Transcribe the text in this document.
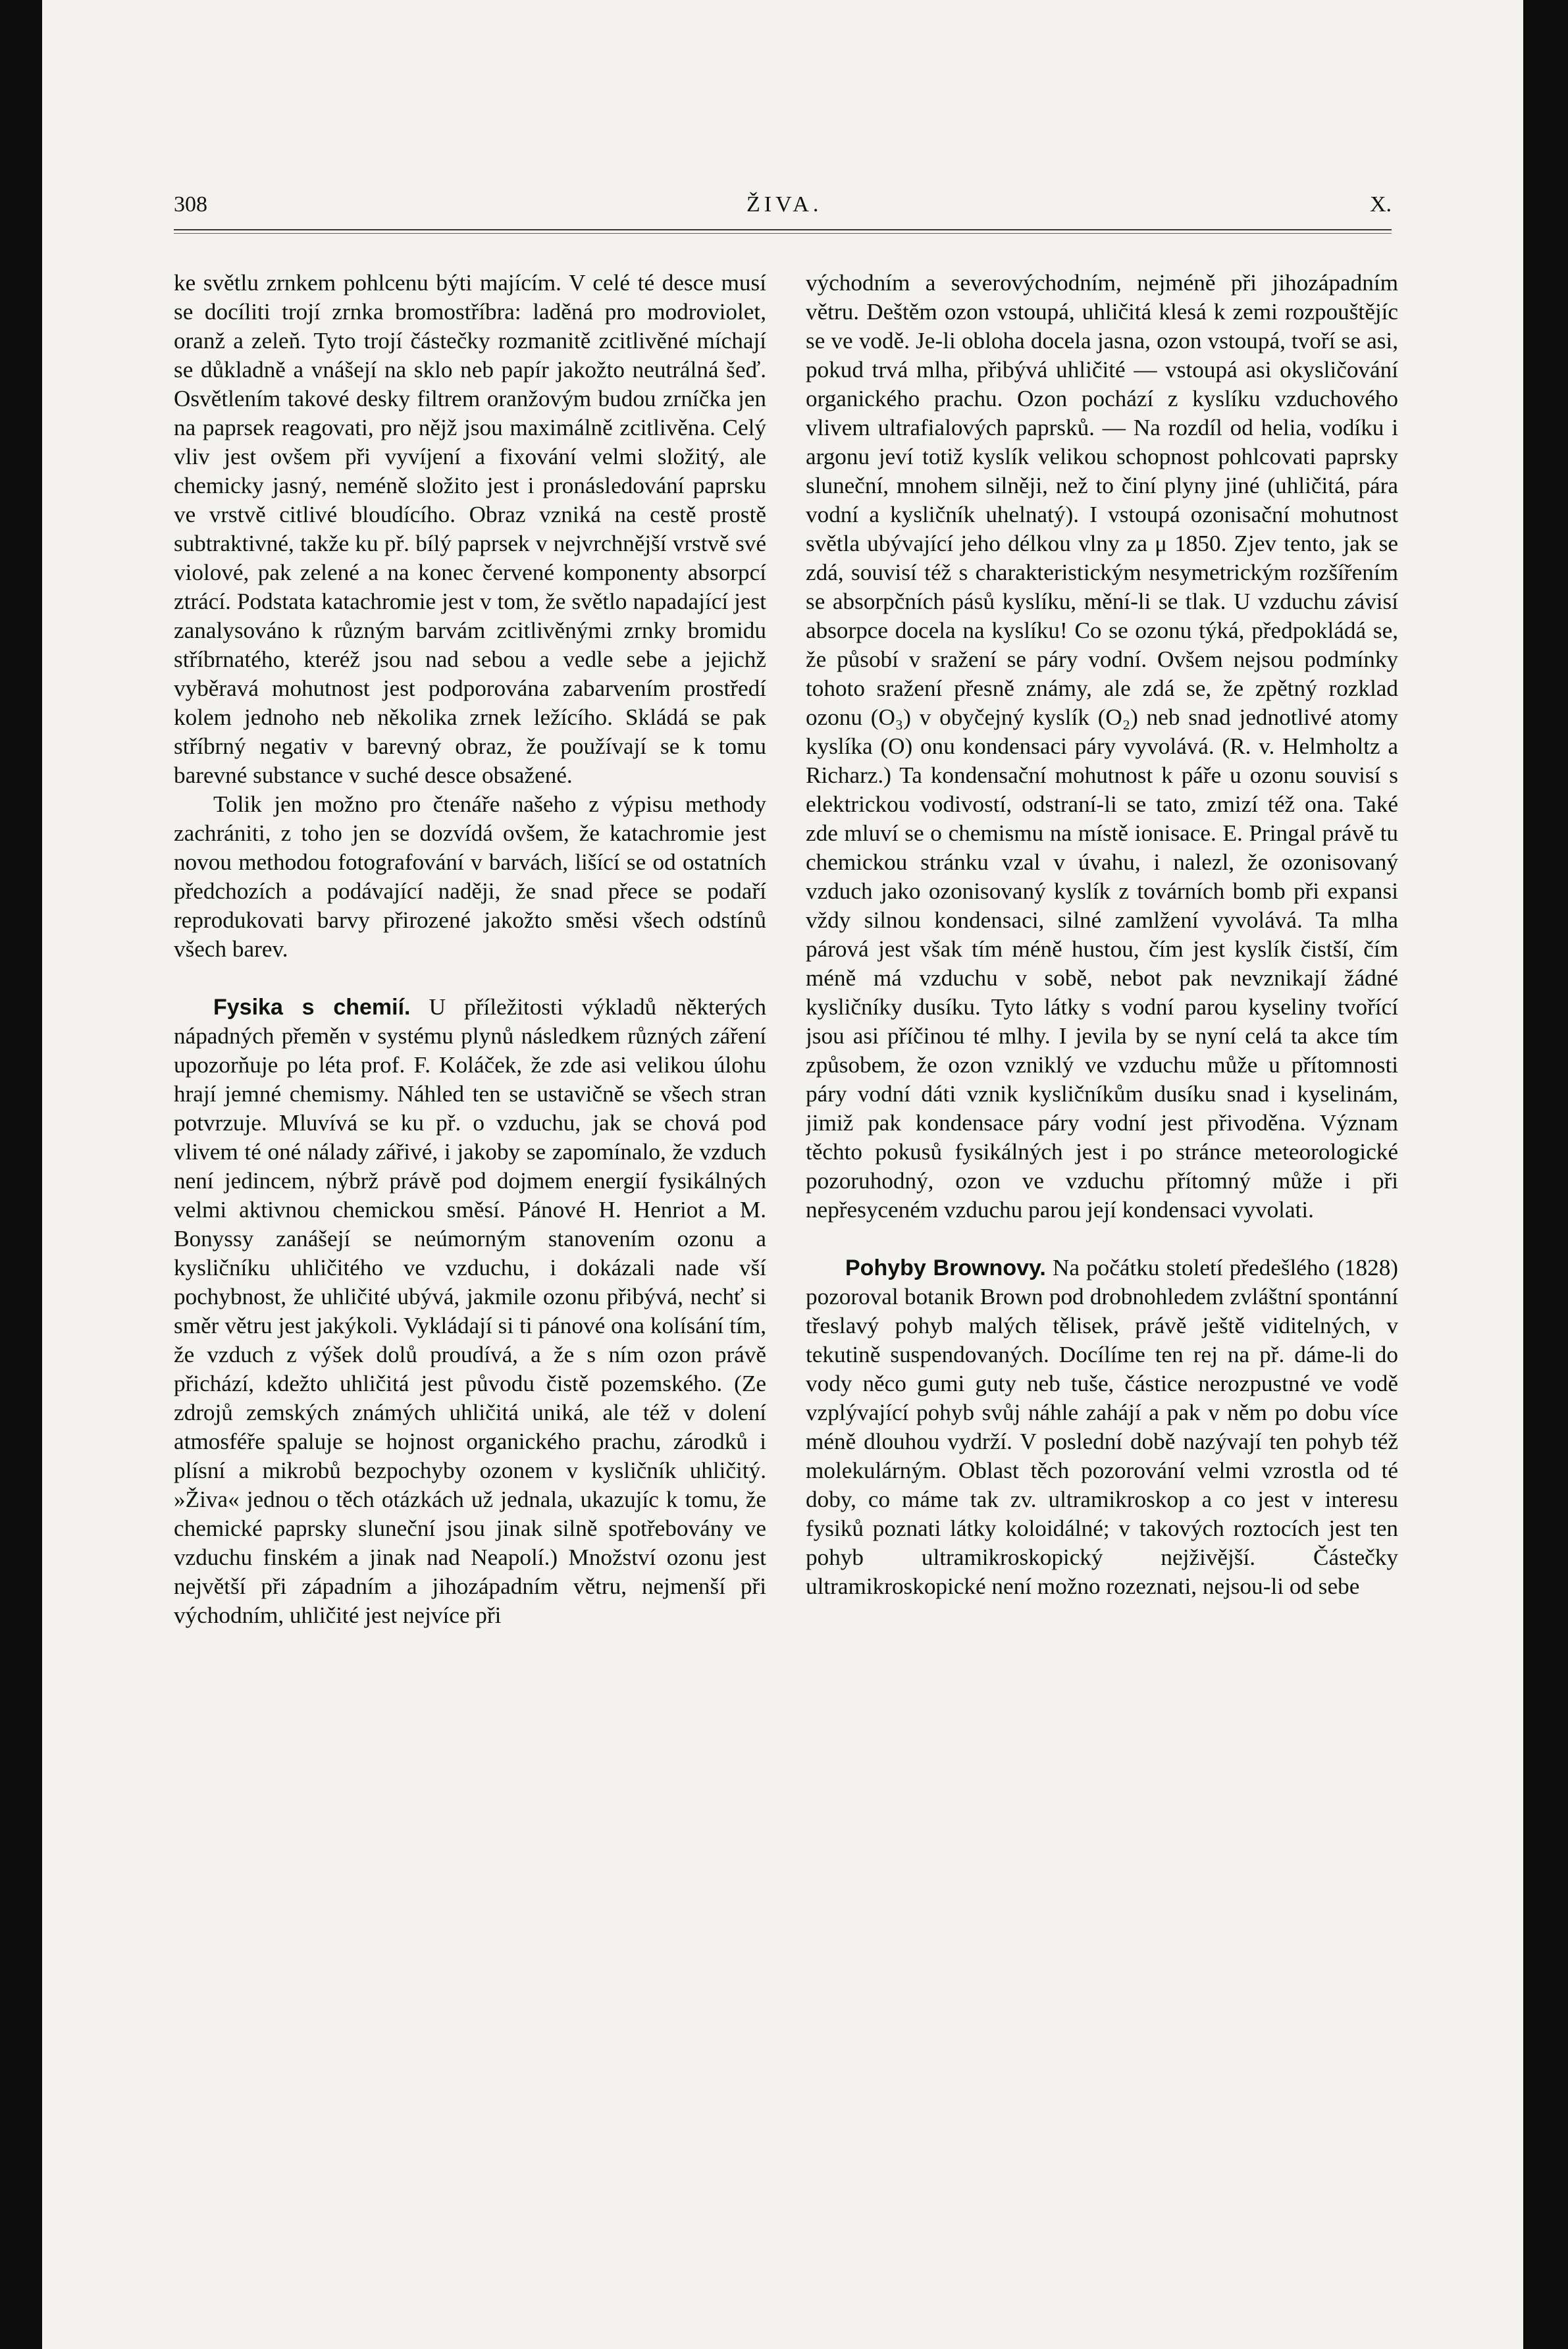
308	ŽIVA.	X.

ke světlu zrnkem pohlcenu býti majícím. V celé té desce musí se docíliti trojí zrnka bromostříbra: laděná pro modroviolet, oranž a zeleň. Tyto trojí částečky rozmanitě zcitlivěné míchají se důkladně a vnášejí na sklo neb papír jakožto neutrálná šeď. Osvětlením takové desky filtrem oranžovým budou zrníčka jen na paprsek reagovati, pro nějž jsou maximálně zcitlivěna. Celý vliv jest ovšem při vyvíjení a fixování velmi složitý, ale chemicky jasný, neméně složito jest i pronásledování paprsku ve vrstvě citlivé bloudícího. Obraz vzniká na cestě prostě subtraktivné, takže ku př. bílý paprsek v nejvrchnější vrstvě své violové, pak zelené a na konec červené komponenty absorpcí ztrácí. Podstata katachromie jest v tom, že světlo napadající jest zanalysováno k různým barvám zcitlivěnými zrnky bromidu stříbrnatého, kteréž jsou nad sebou a vedle sebe a jejichž vyběravá mohutnost jest podporována zabarvením prostředí kolem jednoho neb několika zrnek ležícího. Skládá se pak stříbrný negativ v barevný obraz, že používají se k tomu barevné substance v suché desce obsažené.

Tolik jen možno pro čtenáře našeho z výpisu methody zachrániti, z toho jen se dozvídá ovšem, že katachromie jest novou methodou fotografování v barvách, lišící se od ostatních předchozích a podávající naději, že snad přece se podaří reprodukovati barvy přirozené jakožto směsi všech odstínů všech barev.

Fysika s chemií. U příležitosti výkladů některých nápadných přeměn v systému plynů následkem různých záření upozorňuje po léta prof. F. Koláček, že zde asi velikou úlohu hrají jemné chemismy. Náhled ten se ustavičně se všech stran potvrzuje. Mluvívá se ku př. o vzduchu, jak se chová pod vlivem té oné nálady zářivé, i jakoby se zapomínalo, že vzduch není jedincem, nýbrž právě pod dojmem energií fysikálných velmi aktivnou chemickou směsí. Pánové H. Henriot a M. Bonyssy zanášejí se neúmorným stanovením ozonu a kysličníku uhličitého ve vzduchu, i dokázali nade vší pochybnost, že uhličité ubývá, jakmile ozonu přibývá, nechť si směr větru jest jakýkoli. Vykládají si ti pánové ona kolísání tím, že vzduch z výšek dolů proudívá, a že s ním ozon právě přichází, kdežto uhličitá jest původu čistě pozemského. (Ze zdrojů zemských známých uhličitá uniká, ale též v dolení atmosféře spaluje se hojnost organického prachu, zárodků i plísní a mikrobů bezpochyby ozonem v kysličník uhličitý. »Živa« jednou o těch otázkách už jednala, ukazujíc k tomu, že chemické paprsky sluneční jsou jinak silně spotřebovány ve vzduchu finském a jinak nad Neapolí.) Množství ozonu jest největší při západním a jihozápadním větru, nejmenší při východním, uhličité jest nejvíce při

východním a severovýchodním, nejméně při jihozápadním větru. Deštěm ozon vstoupá, uhličitá klesá k zemi rozpouštějíc se ve vodě. Je-li obloha docela jasna, ozon vstoupá, tvoří se asi, pokud trvá mlha, přibývá uhličité — vstoupá asi okysličování organického prachu. Ozon pochází z kyslíku vzduchového vlivem ultrafialových paprsků. — Na rozdíl od helia, vodíku i argonu jeví totiž kyslík velikou schopnost pohlcovati paprsky sluneční, mnohem silněji, než to činí plyny jiné (uhličitá, pára vodní a kysličník uhelnatý). I vstoupá ozonisační mohutnost světla ubývající jeho délkou vlny za μ 1850. Zjev tento, jak se zdá, souvisí též s charakteristickým nesymetrickým rozšířením se absorpčních pásů kyslíku, mění-li se tlak. U vzduchu závisí absorpce docela na kyslíku! Co se ozonu týká, předpokládá se, že působí v sražení se páry vodní. Ovšem nejsou podmínky tohoto sražení přesně známy, ale zdá se, že zpětný rozklad ozonu (O₃) v obyčejný kyslík (O₂) neb snad jednotlivé atomy kyslíka (O) onu kondensaci páry vyvolává. (R. v. Helmholtz a Richarz.) Ta kondensační mohutnost k páře u ozonu souvisí s elektrickou vodivostí, odstraní-li se tato, zmizí též ona. Také zde mluví se o chemismu na místě ionisace. E. Pringal právě tu chemickou stránku vzal v úvahu, i nalezl, že ozonisovaný vzduch jako ozonisovaný kyslík z továrních bomb při expansi vždy silnou kondensaci, silné zamlžení vyvolává. Ta mlha párová jest však tím méně hustou, čím jest kyslík čistší, čím méně má vzduchu v sobě, nebot pak nevznikají žádné kysličníky dusíku. Tyto látky s vodní parou kyseliny tvořící jsou asi příčinou té mlhy. I jevila by se nyní celá ta akce tím způsobem, že ozon vzniklý ve vzduchu může u přítomnosti páry vodní dáti vznik kysličníkům dusíku snad i kyselinám, jimiž pak kondensace páry vodní jest přivoděna. Význam těchto pokusů fysikálných jest i po stránce meteorologické pozoruhodný, ozon ve vzduchu přítomný může i při nepřesyceném vzduchu parou její kondensaci vyvolati.

Pohyby Brownovy. Na počátku století předešlého (1828) pozoroval botanik Brown pod drobnohledem zvláštní spontánní třeslavý pohyb malých tělisek, právě ještě viditelných, v tekutině suspendovaných. Docílíme ten rej na př. dáme-li do vody něco gumi guty neb tuše, částice nerozpustné ve vodě vzplývající pohyb svůj náhle zahájí a pak v něm po dobu více méně dlouhou vydrží. V poslední době nazývají ten pohyb též molekulárným. Oblast těch pozorování velmi vzrostla od té doby, co máme tak zv. ultramikroskop a co jest v interesu fysiků poznati látky koloidálné; v takových roztocích jest ten pohyb ultramikroskopický nejživější. Částečky ultramikroskopické není možno rozeznati, nejsou-li od sebe
